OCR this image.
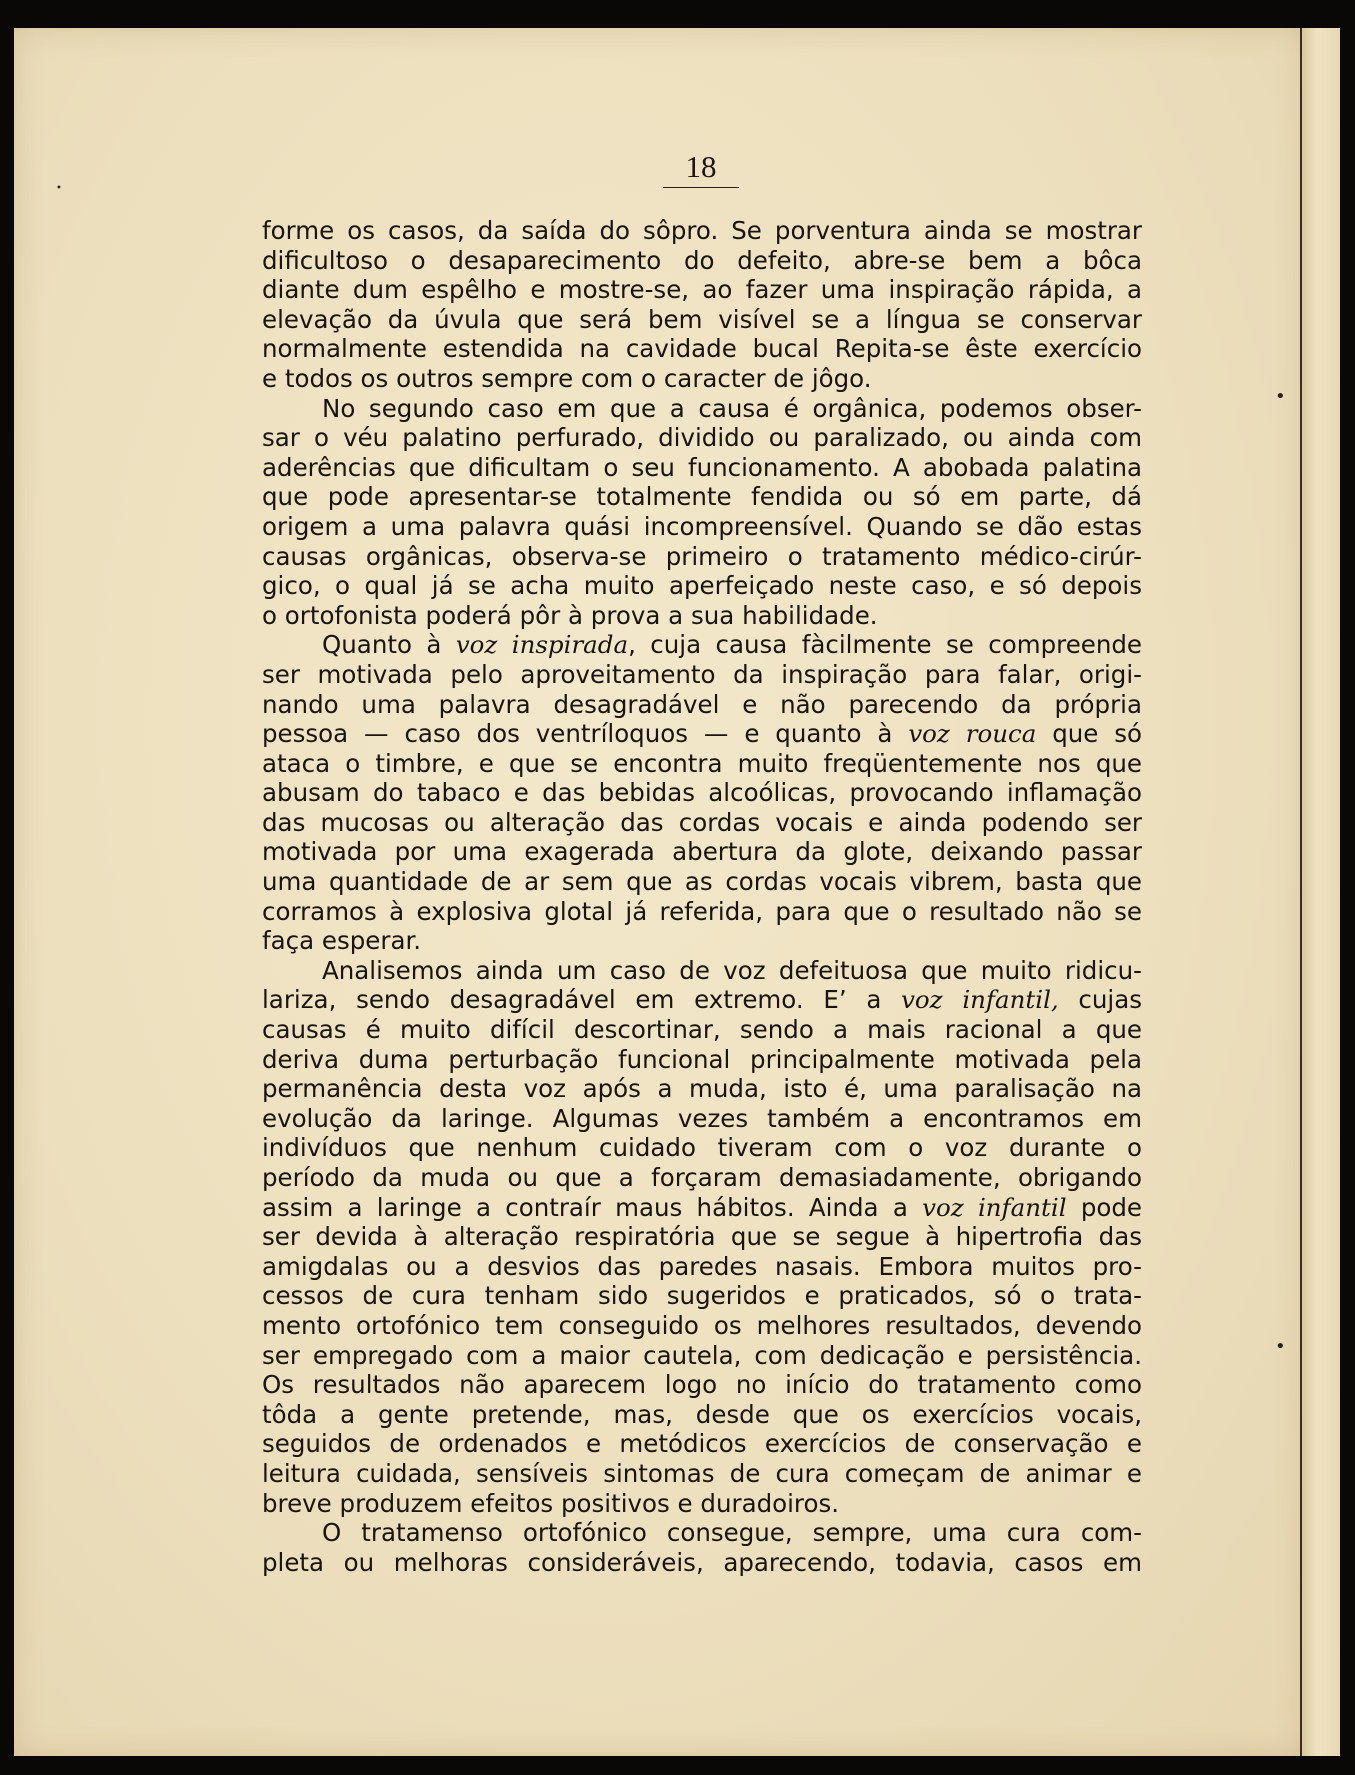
•
•
•
18

forme os casos, da saída do sôpro. Se porventura ainda se mostrar

dificultoso o desaparecimento do defeito, abre-se bem a bôca

diante dum espêlho e mostre-se, ao fazer uma inspiração rápida, a

elevação da úvula que será bem visível se a língua se conservar

normalmente estendida na cavidade bucal Repita-se êste exercício

e todos os outros sempre com o caracter de jôgo.

No segundo caso em que a causa é orgânica, podemos obser-

sar o véu palatino perfurado, dividido ou paralizado, ou ainda com

aderências que dificultam o seu funcionamento. A abobada palatina

que pode apresentar-se totalmente fendida ou só em parte, dá

origem a uma palavra quási incompreensível. Quando se dão estas

causas orgânicas, observa-se primeiro o tratamento médico-cirúr-

gico, o qual já se acha muito aperfeiçado neste caso, e só depois

o ortofonista poderá pôr à prova a sua habilidade.

Quanto à voz inspirada, cuja causa fàcilmente se compreende

ser motivada pelo aproveitamento da inspiração para falar, origi-

nando uma palavra desagradável e não parecendo da própria

pessoa — caso dos ventríloquos — e quanto à voz rouca que só

ataca o timbre, e que se encontra muito freqüentemente nos que

abusam do tabaco e das bebidas alcoólicas, provocando inflamação

das mucosas ou alteração das cordas vocais e ainda podendo ser

motivada por uma exagerada abertura da glote, deixando passar

uma quantidade de ar sem que as cordas vocais vibrem, basta que

corramos à explosiva glotal já referida, para que o resultado não se

faça esperar.

Analisemos ainda um caso de voz defeituosa que muito ridicu-

lariza, sendo desagradável em extremo. E’ a voz infantil, cujas

causas é muito difícil descortinar, sendo a mais racional a que

deriva duma perturbação funcional principalmente motivada pela

permanência desta voz após a muda, isto é, uma paralisação na

evolução da laringe. Algumas vezes também a encontramos em

indivíduos que nenhum cuidado tiveram com o voz durante o

período da muda ou que a forçaram demasiadamente, obrigando

assim a laringe a contraír maus hábitos. Ainda a voz infantil pode

ser devida à alteração respiratória que se segue à hipertrofia das

amigdalas ou a desvios das paredes nasais. Embora muitos pro-

cessos de cura tenham sido sugeridos e praticados, só o trata-

mento ortofónico tem conseguido os melhores resultados, devendo

ser empregado com a maior cautela, com dedicação e persistência.

Os resultados não aparecem logo no início do tratamento como

tôda a gente pretende, mas, desde que os exercícios vocais,

seguidos de ordenados e metódicos exercícios de conservação e

leitura cuidada, sensíveis sintomas de cura começam de animar e

breve produzem efeitos positivos e duradoiros.

O tratamenso ortofónico consegue, sempre, uma cura com-

pleta ou melhoras consideráveis, aparecendo, todavia, casos em
